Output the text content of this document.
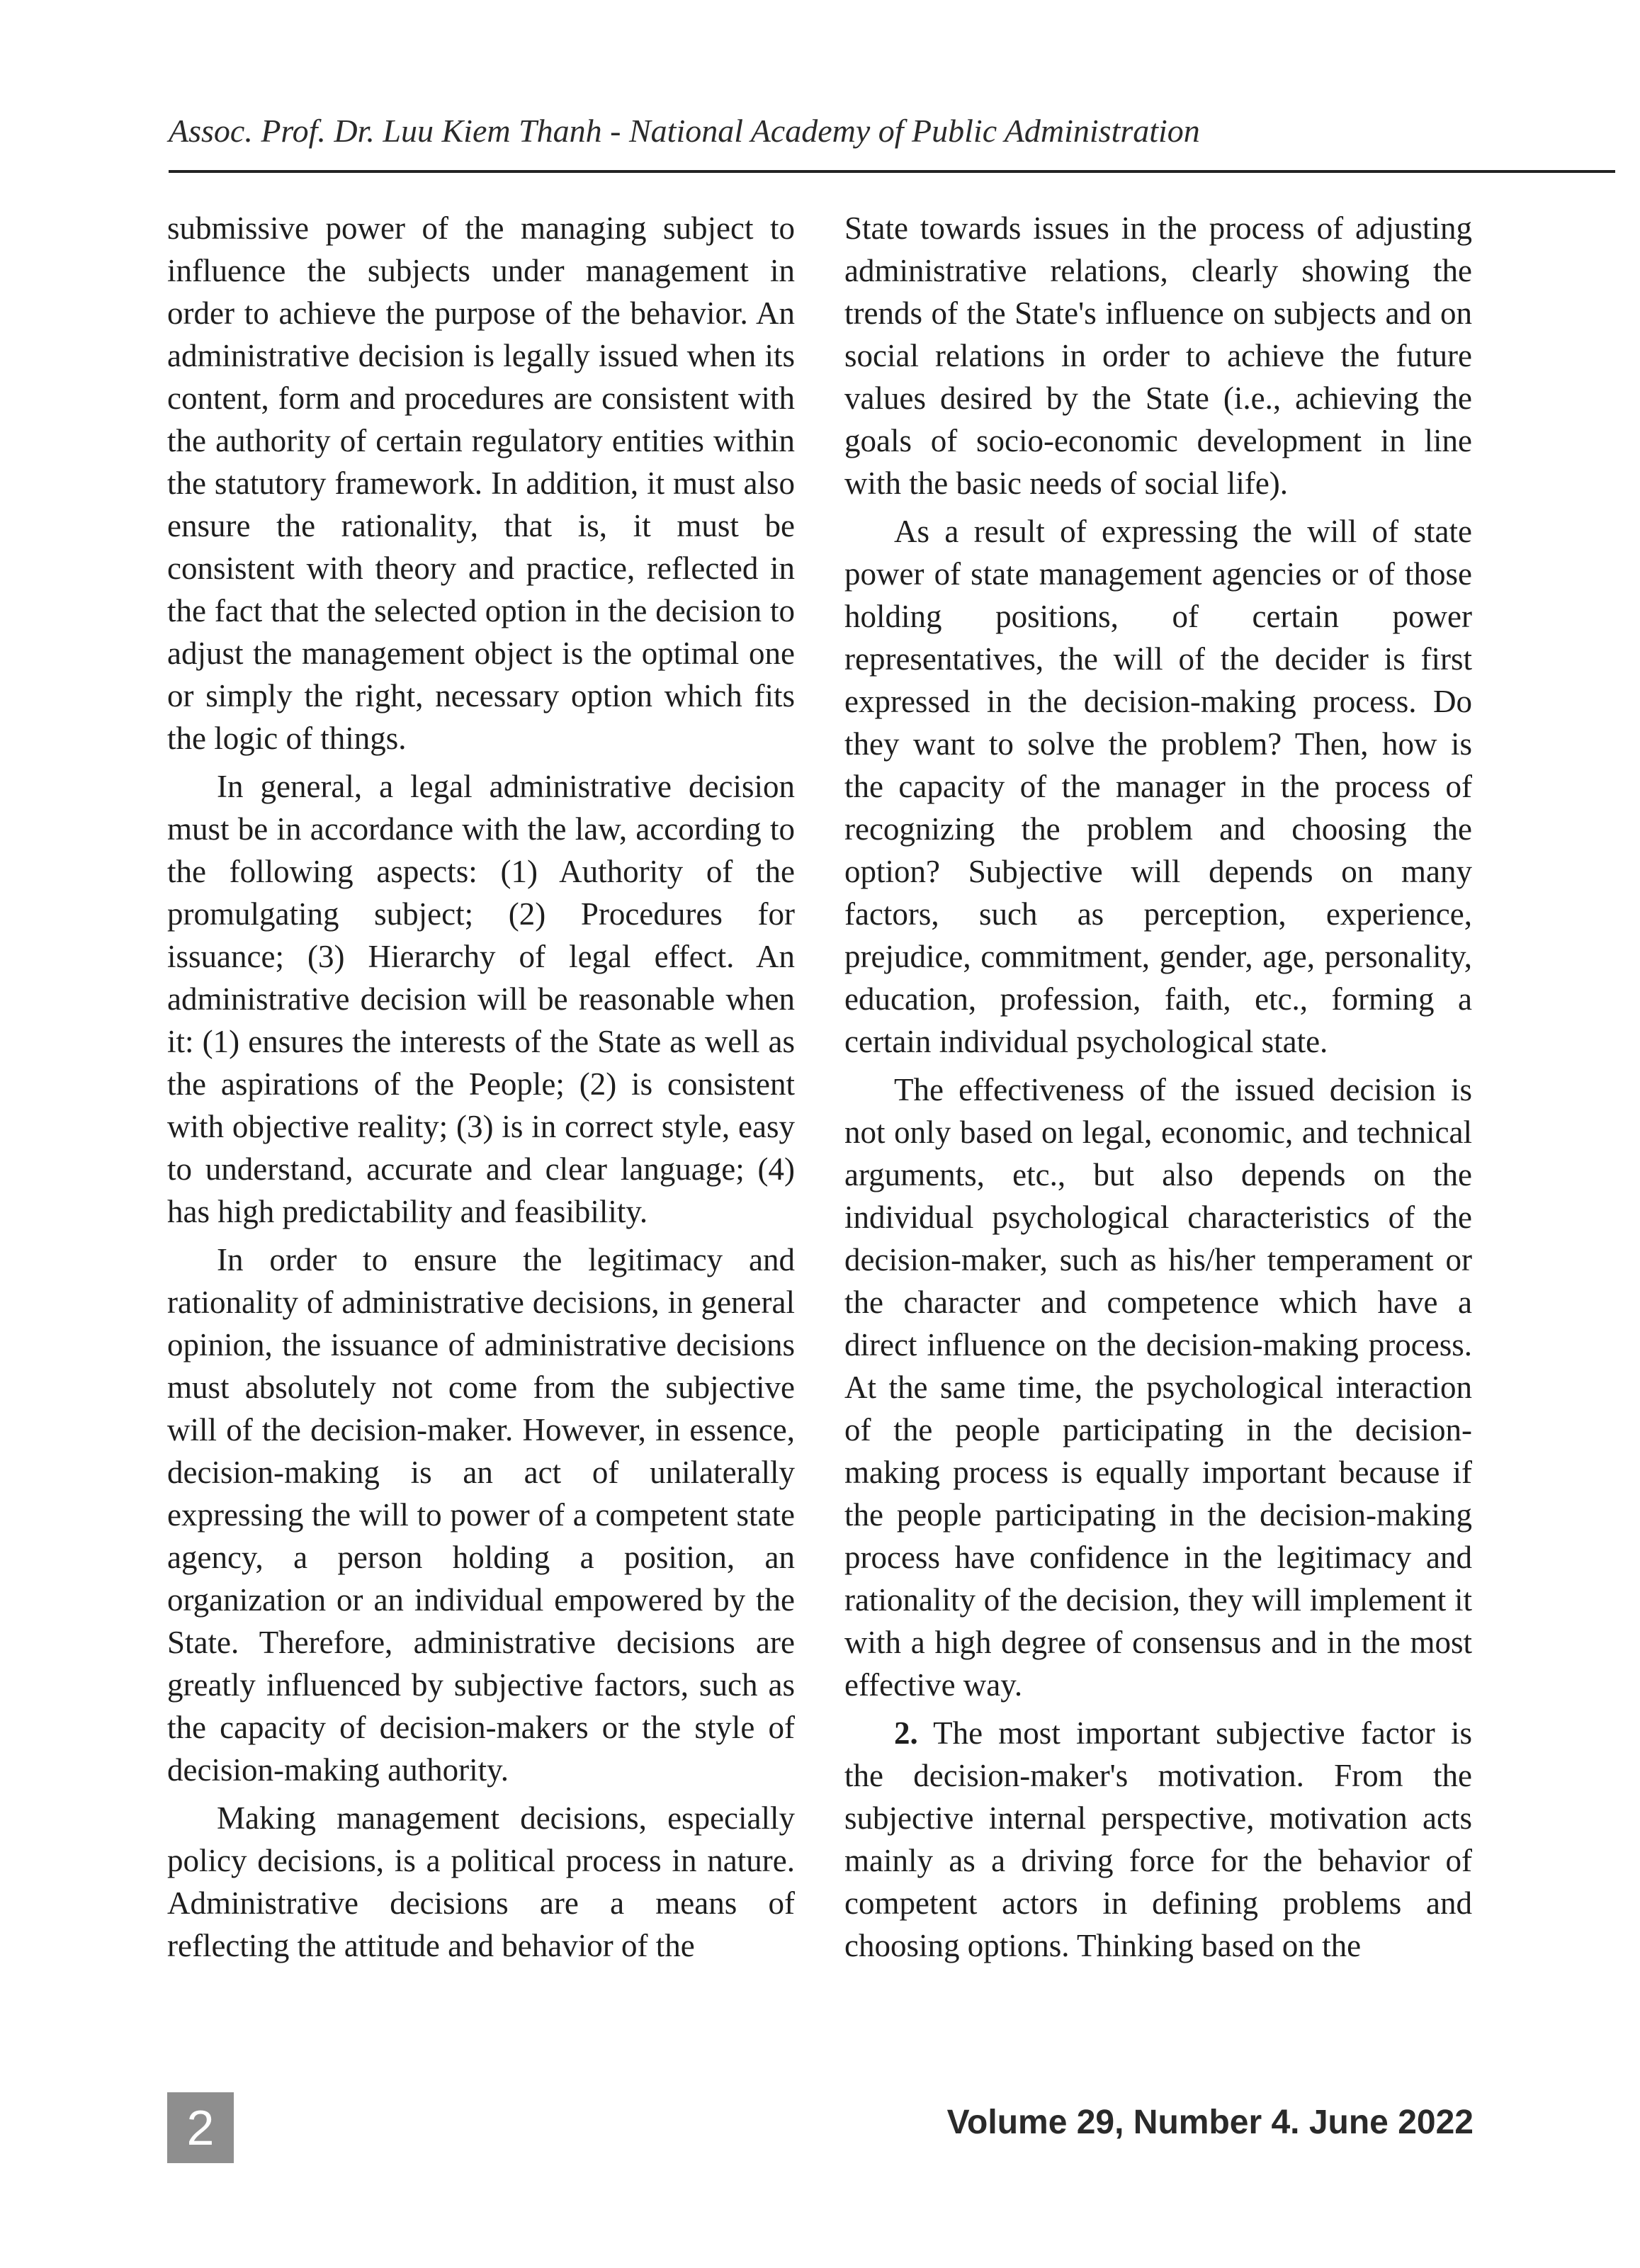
Assoc. Prof. Dr. Luu Kiem Thanh - National Academy of Public Administration

submissive power of the managing subject to influence the subjects under management in order to achieve the purpose of the behavior. An administrative decision is legally issued when its content, form and procedures are consistent with the authority of certain regulatory entities within the statutory framework. In addition, it must also ensure the rationality, that is, it must be consistent with theory and practice, reflected in the fact that the selected option in the decision to adjust the management object is the optimal one or simply the right, necessary option which fits the logic of things.

In general, a legal administrative decision must be in accordance with the law, according to the following aspects: (1) Authority of the promulgating subject; (2) Procedures for issuance; (3) Hierarchy of legal effect. An administrative decision will be reasonable when it: (1) ensures the interests of the State as well as the aspirations of the People; (2) is consistent with objective reality; (3) is in correct style, easy to understand, accurate and clear language; (4) has high predictability and feasibility.

In order to ensure the legitimacy and rationality of administrative decisions, in general opinion, the issuance of administrative decisions must absolutely not come from the subjective will of the decision-maker. However, in essence, decision-making is an act of unilaterally expressing the will to power of a competent state agency, a person holding a position, an organization or an individual empowered by the State. Therefore, administrative decisions are greatly influenced by subjective factors, such as the capacity of decision-makers or the style of decision-making authority.

Making management decisions, especially policy decisions, is a political process in nature. Administrative decisions are a means of reflecting the attitude and behavior of the

State towards issues in the process of adjusting administrative relations, clearly showing the trends of the State's influence on subjects and on social relations in order to achieve the future values desired by the State (i.e., achieving the goals of socio-economic development in line with the basic needs of social life).

As a result of expressing the will of state power of state management agencies or of those holding positions, of certain power representatives, the will of the decider is first expressed in the decision-making process. Do they want to solve the problem? Then, how is the capacity of the manager in the process of recognizing the problem and choosing the option? Subjective will depends on many factors, such as perception, experience, prejudice, commitment, gender, age, personality, education, profession, faith, etc., forming a certain individual psychological state.

The effectiveness of the issued decision is not only based on legal, economic, and technical arguments, etc., but also depends on the individual psychological characteristics of the decision-maker, such as his/her temperament or the character and competence which have a direct influence on the decision-making process. At the same time, the psychological interaction of the people participating in the decision-making process is equally important because if the people participating in the decision-making process have confidence in the legitimacy and rationality of the decision, they will implement it with a high degree of consensus and in the most effective way.

2. The most important subjective factor is the decision-maker's motivation. From the subjective internal perspective, motivation acts mainly as a driving force for the behavior of competent actors in defining problems and choosing options. Thinking based on the

2	Volume 29, Number 4. June 2022
